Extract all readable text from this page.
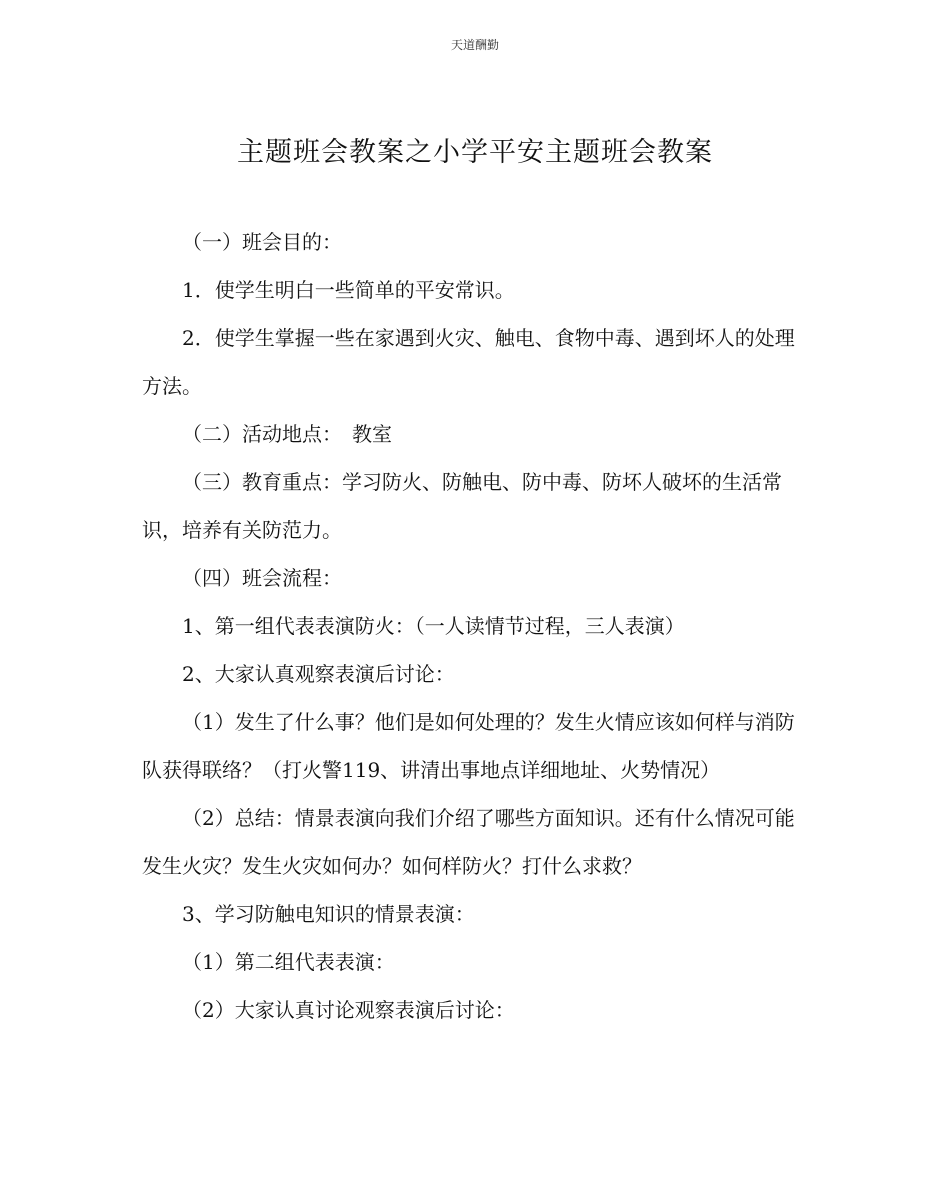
天道酬勤
主题班会教案之小学平安主题班会教案

（一）班会目的：

1．使学生明白一些简单的平安常识。

2．使学生掌握一些在家遇到火灾、触电、食物中毒、遇到坏人的处理方法。

（二）活动地点：　教室

（三）教育重点：学习防火、防触电、防中毒、防坏人破坏的生活常识，培养有关防范力。

（四）班会流程：

1、第一组代表表演防火：（一人读情节过程，三人表演）

2、大家认真观察表演后讨论：

（1）发生了什么事？他们是如何处理的？发生火情应该如何样与消防队获得联络？（打火警119、讲清出事地点详细地址、火势情况）

（2）总结：情景表演向我们介绍了哪些方面知识。还有什么情况可能发生火灾？发生火灾如何办？如何样防火？打什么求救？

3、学习防触电知识的情景表演：

（1）第二组代表表演：

（2）大家认真讨论观察表演后讨论：
